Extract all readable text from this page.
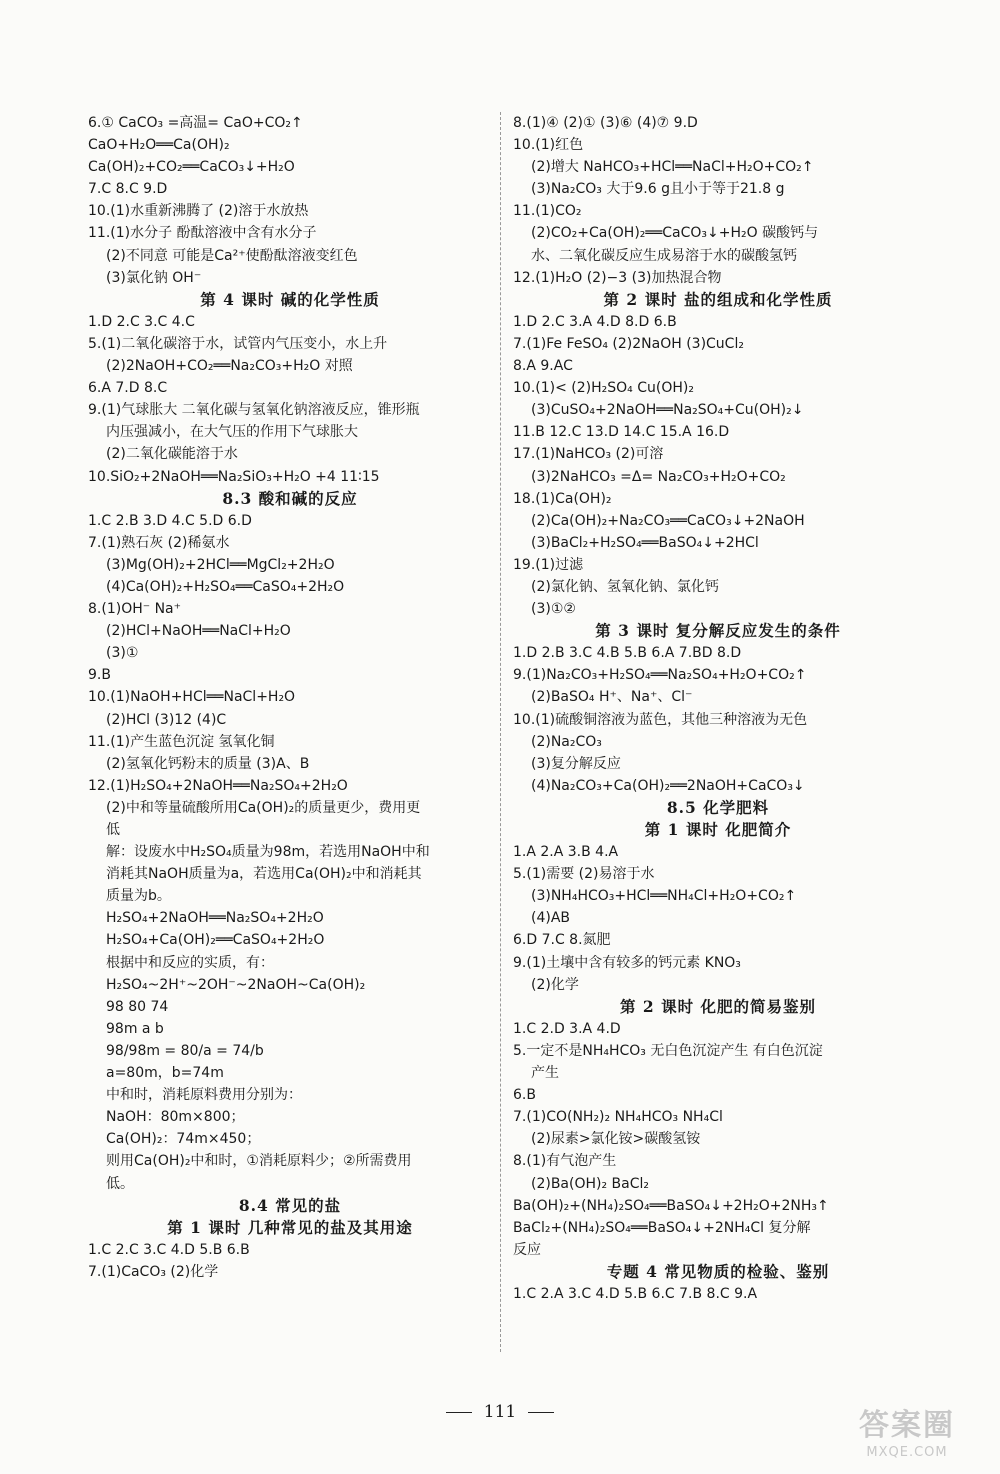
6.① CaCO₃ =高温= CaO+CO₂↑
CaO+H₂O══Ca(OH)₂
Ca(OH)₂+CO₂══CaCO₃↓+H₂O
7.C 8.C 9.D
10.(1)水重新沸腾了 (2)溶于水放热
11.(1)水分子 酚酞溶液中含有水分子
(2)不同意 可能是Ca²⁺使酚酞溶液变红色
(3)氯化钠 OH⁻
第 4 课时 碱的化学性质
1.D 2.C 3.C 4.C
5.(1)二氧化碳溶于水，试管内气压变小，水上升
(2)2NaOH+CO₂══Na₂CO₃+H₂O 对照
6.A 7.D 8.C
9.(1)气球胀大 二氧化碳与氢氧化钠溶液反应，锥形瓶
内压强减小，在大气压的作用下气球胀大
(2)二氧化碳能溶于水
10.SiO₂+2NaOH══Na₂SiO₃+H₂O +4 11∶15
8.3 酸和碱的反应
1.C 2.B 3.D 4.C 5.D 6.D
7.(1)熟石灰 (2)稀氨水
(3)Mg(OH)₂+2HCl══MgCl₂+2H₂O
(4)Ca(OH)₂+H₂SO₄══CaSO₄+2H₂O
8.(1)OH⁻ Na⁺
(2)HCl+NaOH══NaCl+H₂O
(3)①
9.B
10.(1)NaOH+HCl══NaCl+H₂O
(2)HCl (3)12 (4)C
11.(1)产生蓝色沉淀 氢氧化铜
(2)氢氧化钙粉末的质量 (3)A、B
12.(1)H₂SO₄+2NaOH══Na₂SO₄+2H₂O
(2)中和等量硫酸所用Ca(OH)₂的质量更少，费用更
低
解：设废水中H₂SO₄质量为98m，若选用NaOH中和
消耗其NaOH质量为a，若选用Ca(OH)₂中和消耗其
质量为b。
H₂SO₄+2NaOH══Na₂SO₄+2H₂O
H₂SO₄+Ca(OH)₂══CaSO₄+2H₂O
根据中和反应的实质，有：
H₂SO₄~2H⁺~2OH⁻~2NaOH~Ca(OH)₂
98 80 74
98m a b
98/98m = 80/a = 74/b
a=80m，b=74m
中和时，消耗原料费用分别为：
NaOH：80m×800；
Ca(OH)₂：74m×450；
则用Ca(OH)₂中和时，①消耗原料少；②所需费用
低。
8.4 常见的盐
第 1 课时 几种常见的盐及其用途
1.C 2.C 3.C 4.D 5.B 6.B
7.(1)CaCO₃ (2)化学
8.(1)④ (2)① (3)⑥ (4)⑦ 9.D
10.(1)红色
(2)增大 NaHCO₃+HCl══NaCl+H₂O+CO₂↑
(3)Na₂CO₃ 大于9.6 g且小于等于21.8 g
11.(1)CO₂
(2)CO₂+Ca(OH)₂══CaCO₃↓+H₂O 碳酸钙与
水、二氧化碳反应生成易溶于水的碳酸氢钙
12.(1)H₂O (2)−3 (3)加热混合物
第 2 课时 盐的组成和化学性质
1.D 2.C 3.A 4.D 8.D 6.B
7.(1)Fe FeSO₄ (2)2NaOH (3)CuCl₂
8.A 9.AC
10.(1)< (2)H₂SO₄ Cu(OH)₂
(3)CuSO₄+2NaOH══Na₂SO₄+Cu(OH)₂↓
11.B 12.C 13.D 14.C 15.A 16.D
17.(1)NaHCO₃ (2)可溶
(3)2NaHCO₃ =Δ= Na₂CO₃+H₂O+CO₂
18.(1)Ca(OH)₂
(2)Ca(OH)₂+Na₂CO₃══CaCO₃↓+2NaOH
(3)BaCl₂+H₂SO₄══BaSO₄↓+2HCl
19.(1)过滤
(2)氯化钠、氢氧化钠、氯化钙
(3)①②
第 3 课时 复分解反应发生的条件
1.D 2.B 3.C 4.B 5.B 6.A 7.BD 8.D
9.(1)Na₂CO₃+H₂SO₄══Na₂SO₄+H₂O+CO₂↑
(2)BaSO₄ H⁺、Na⁺、Cl⁻
10.(1)硫酸铜溶液为蓝色，其他三种溶液为无色
(2)Na₂CO₃
(3)复分解反应
(4)Na₂CO₃+Ca(OH)₂══2NaOH+CaCO₃↓
8.5 化学肥料
第 1 课时 化肥简介
1.A 2.A 3.B 4.A
5.(1)需要 (2)易溶于水
(3)NH₄HCO₃+HCl══NH₄Cl+H₂O+CO₂↑
(4)AB
6.D 7.C 8.氮肥
9.(1)土壤中含有较多的钙元素 KNO₃
(2)化学
第 2 课时 化肥的简易鉴别
1.C 2.D 3.A 4.D
5.一定不是NH₄HCO₃ 无白色沉淀产生 有白色沉淀
产生
6.B
7.(1)CO(NH₂)₂ NH₄HCO₃ NH₄Cl
(2)尿素>氯化铵>碳酸氢铵
8.(1)有气泡产生
(2)Ba(OH)₂ BaCl₂
Ba(OH)₂+(NH₄)₂SO₄══BaSO₄↓+2H₂O+2NH₃↑
BaCl₂+(NH₄)₂SO₄══BaSO₄↓+2NH₄Cl 复分解
反应
专题 4 常见物质的检验、鉴别
1.C 2.A 3.C 4.D 5.B 6.C 7.B 8.C 9.A
111	答案圈
MXQE.COM
